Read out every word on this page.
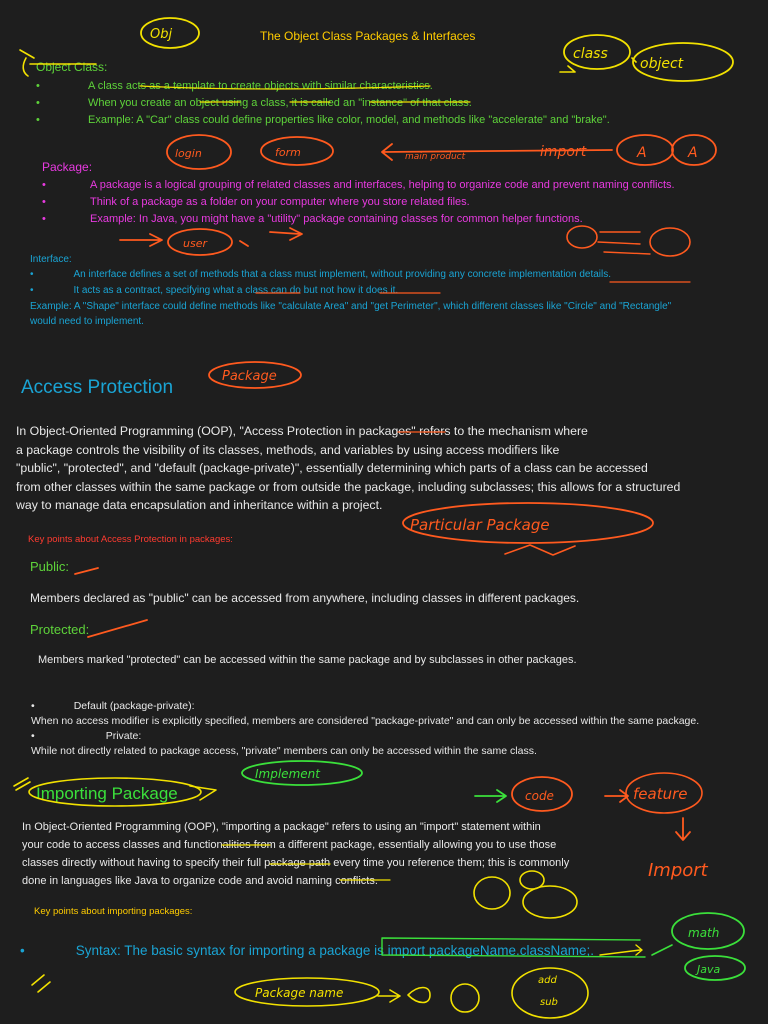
The Object Class Packages & Interfaces
Object Class:
•	A class acts as a template to create objects with similar characteristics.
•	When you create an object using a class, it is called an "instance" of that class.
•	Example: A "Car" class could define properties like color, model, and methods like "accelerate" and "brake".
Package:
•	A package is a logical grouping of related classes and interfaces, helping to organize code and prevent naming conflicts.
•	Think of a package as a folder on your computer where you store related files.
•	Example: In Java, you might have a "utility" package containing classes for common helper functions.
Interface:
•	An interface defines a set of methods that a class must implement, without providing any concrete implementation details.
•	It acts as a contract, specifying what a class can do but not how it does it.
Example: A "Shape" interface could define methods like "calculate Area" and "get Perimeter", which different classes like "Circle" and "Rectangle"
would need to implement.
Access Protection
In Object-Oriented Programming (OOP), "Access Protection in packages" refers to the mechanism where
a package controls the visibility of its classes, methods, and variables by using access modifiers like
"public", "protected", and "default (package-private)", essentially determining which parts of a class can be accessed
from other classes within the same package or from outside the package, including subclasses; this allows for a structured
way to manage data encapsulation and inheritance within a project.
Key points about Access Protection in packages:
Public:
Members declared as "public" can be accessed from anywhere, including classes in different packages.
Protected:
Members marked "protected" can be accessed within the same package and by subclasses in other packages.
•	Default (package-private):
When no access modifier is explicitly specified, members are considered "package-private" and can only be accessed within the same package.
•	Private:
While not directly related to package access, "private" members can only be accessed within the same class.
Importing Package
In Object-Oriented Programming (OOP), "importing a package" refers to using an "import" statement within
your code to access classes and functionalities from a different package, essentially allowing you to use those
classes directly without having to specify their full package path every time you reference them; this is commonly
done in languages like Java to organize code and avoid naming conflicts.
Key points about importing packages:
•	Syntax: The basic syntax for importing a package is import packageName.className;.
Obj
class
object
login	form	main product	import	A	A
user
Package
Particular Package
Implement
code	feature
Import
math
Java
Package name
add
sub
